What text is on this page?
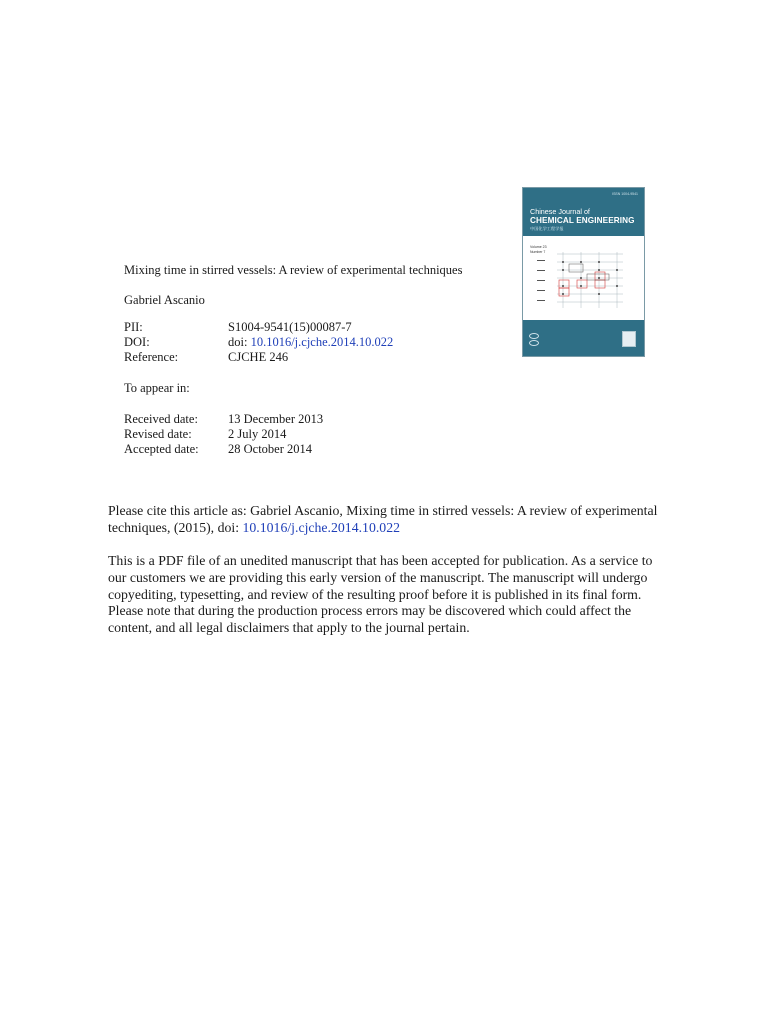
ISSN 1004-9541
Chinese Journal of
CHEMICAL ENGINEERING
中国化学工程学报
Volume 23
Number 7
Mixing time in stirred vessels: A review of experimental techniques
Gabriel Ascanio
PII:	S1004-9541(15)00087-7
DOI:	doi: 10.1016/j.cjche.2014.10.022
Reference:	CJCHE 246
To appear in:
Received date: 13 December 2013
Revised date:	2 July 2014
Accepted date: 28 October 2014
Please cite this article as: Gabriel Ascanio, Mixing time in stirred vessels: A review of experimental
techniques, (2015), doi: 10.1016/j.cjche.2014.10.022
This is a PDF file of an unedited manuscript that has been accepted for publication. As a service to
our customers we are providing this early version of the manuscript. The manuscript will undergo
copyediting, typesetting, and review of the resulting proof before it is published in its final form.
Please note that during the production process errors may be discovered which could affect the
content, and all legal disclaimers that apply to the journal pertain.
